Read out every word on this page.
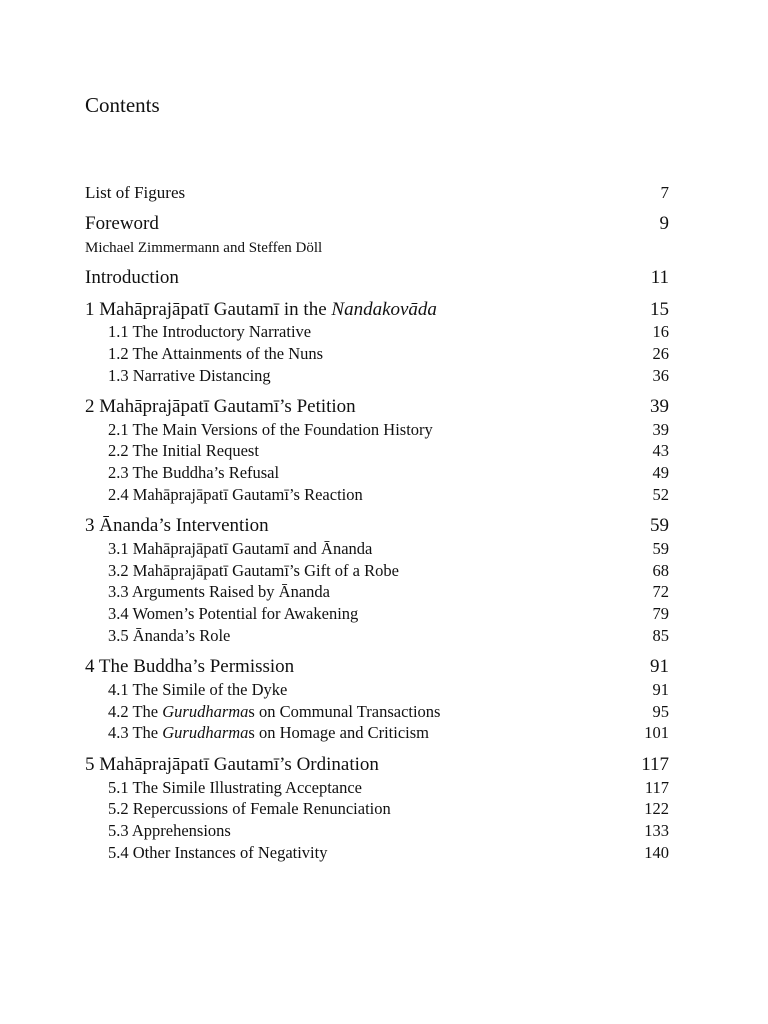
Contents
List of Figures	7
Foreword	9
Michael Zimmermann and Steffen Döll
Introduction	11
1 Mahāprajāpatī Gautamī in the Nandakovāda	15
1.1 The Introductory Narrative	16
1.2 The Attainments of the Nuns	26
1.3 Narrative Distancing	36
2 Mahāprajāpatī Gautamī’s Petition	39
2.1 The Main Versions of the Foundation History	39
2.2 The Initial Request	43
2.3 The Buddha’s Refusal	49
2.4 Mahāprajāpatī Gautamī’s Reaction	52
3 Ānanda’s Intervention	59
3.1 Mahāprajāpatī Gautamī and Ānanda	59
3.2 Mahāprajāpatī Gautamī’s Gift of a Robe	68
3.3 Arguments Raised by Ānanda	72
3.4 Women’s Potential for Awakening	79
3.5 Ānanda’s Role	85
4 The Buddha’s Permission	91
4.1 The Simile of the Dyke	91
4.2 The Gurudharmas on Communal Transactions	95
4.3 The Gurudharmas on Homage and Criticism	101
5 Mahāprajāpatī Gautamī’s Ordination	117
5.1 The Simile Illustrating Acceptance	117
5.2 Repercussions of Female Renunciation	122
5.3 Apprehensions	133
5.4 Other Instances of Negativity	140
